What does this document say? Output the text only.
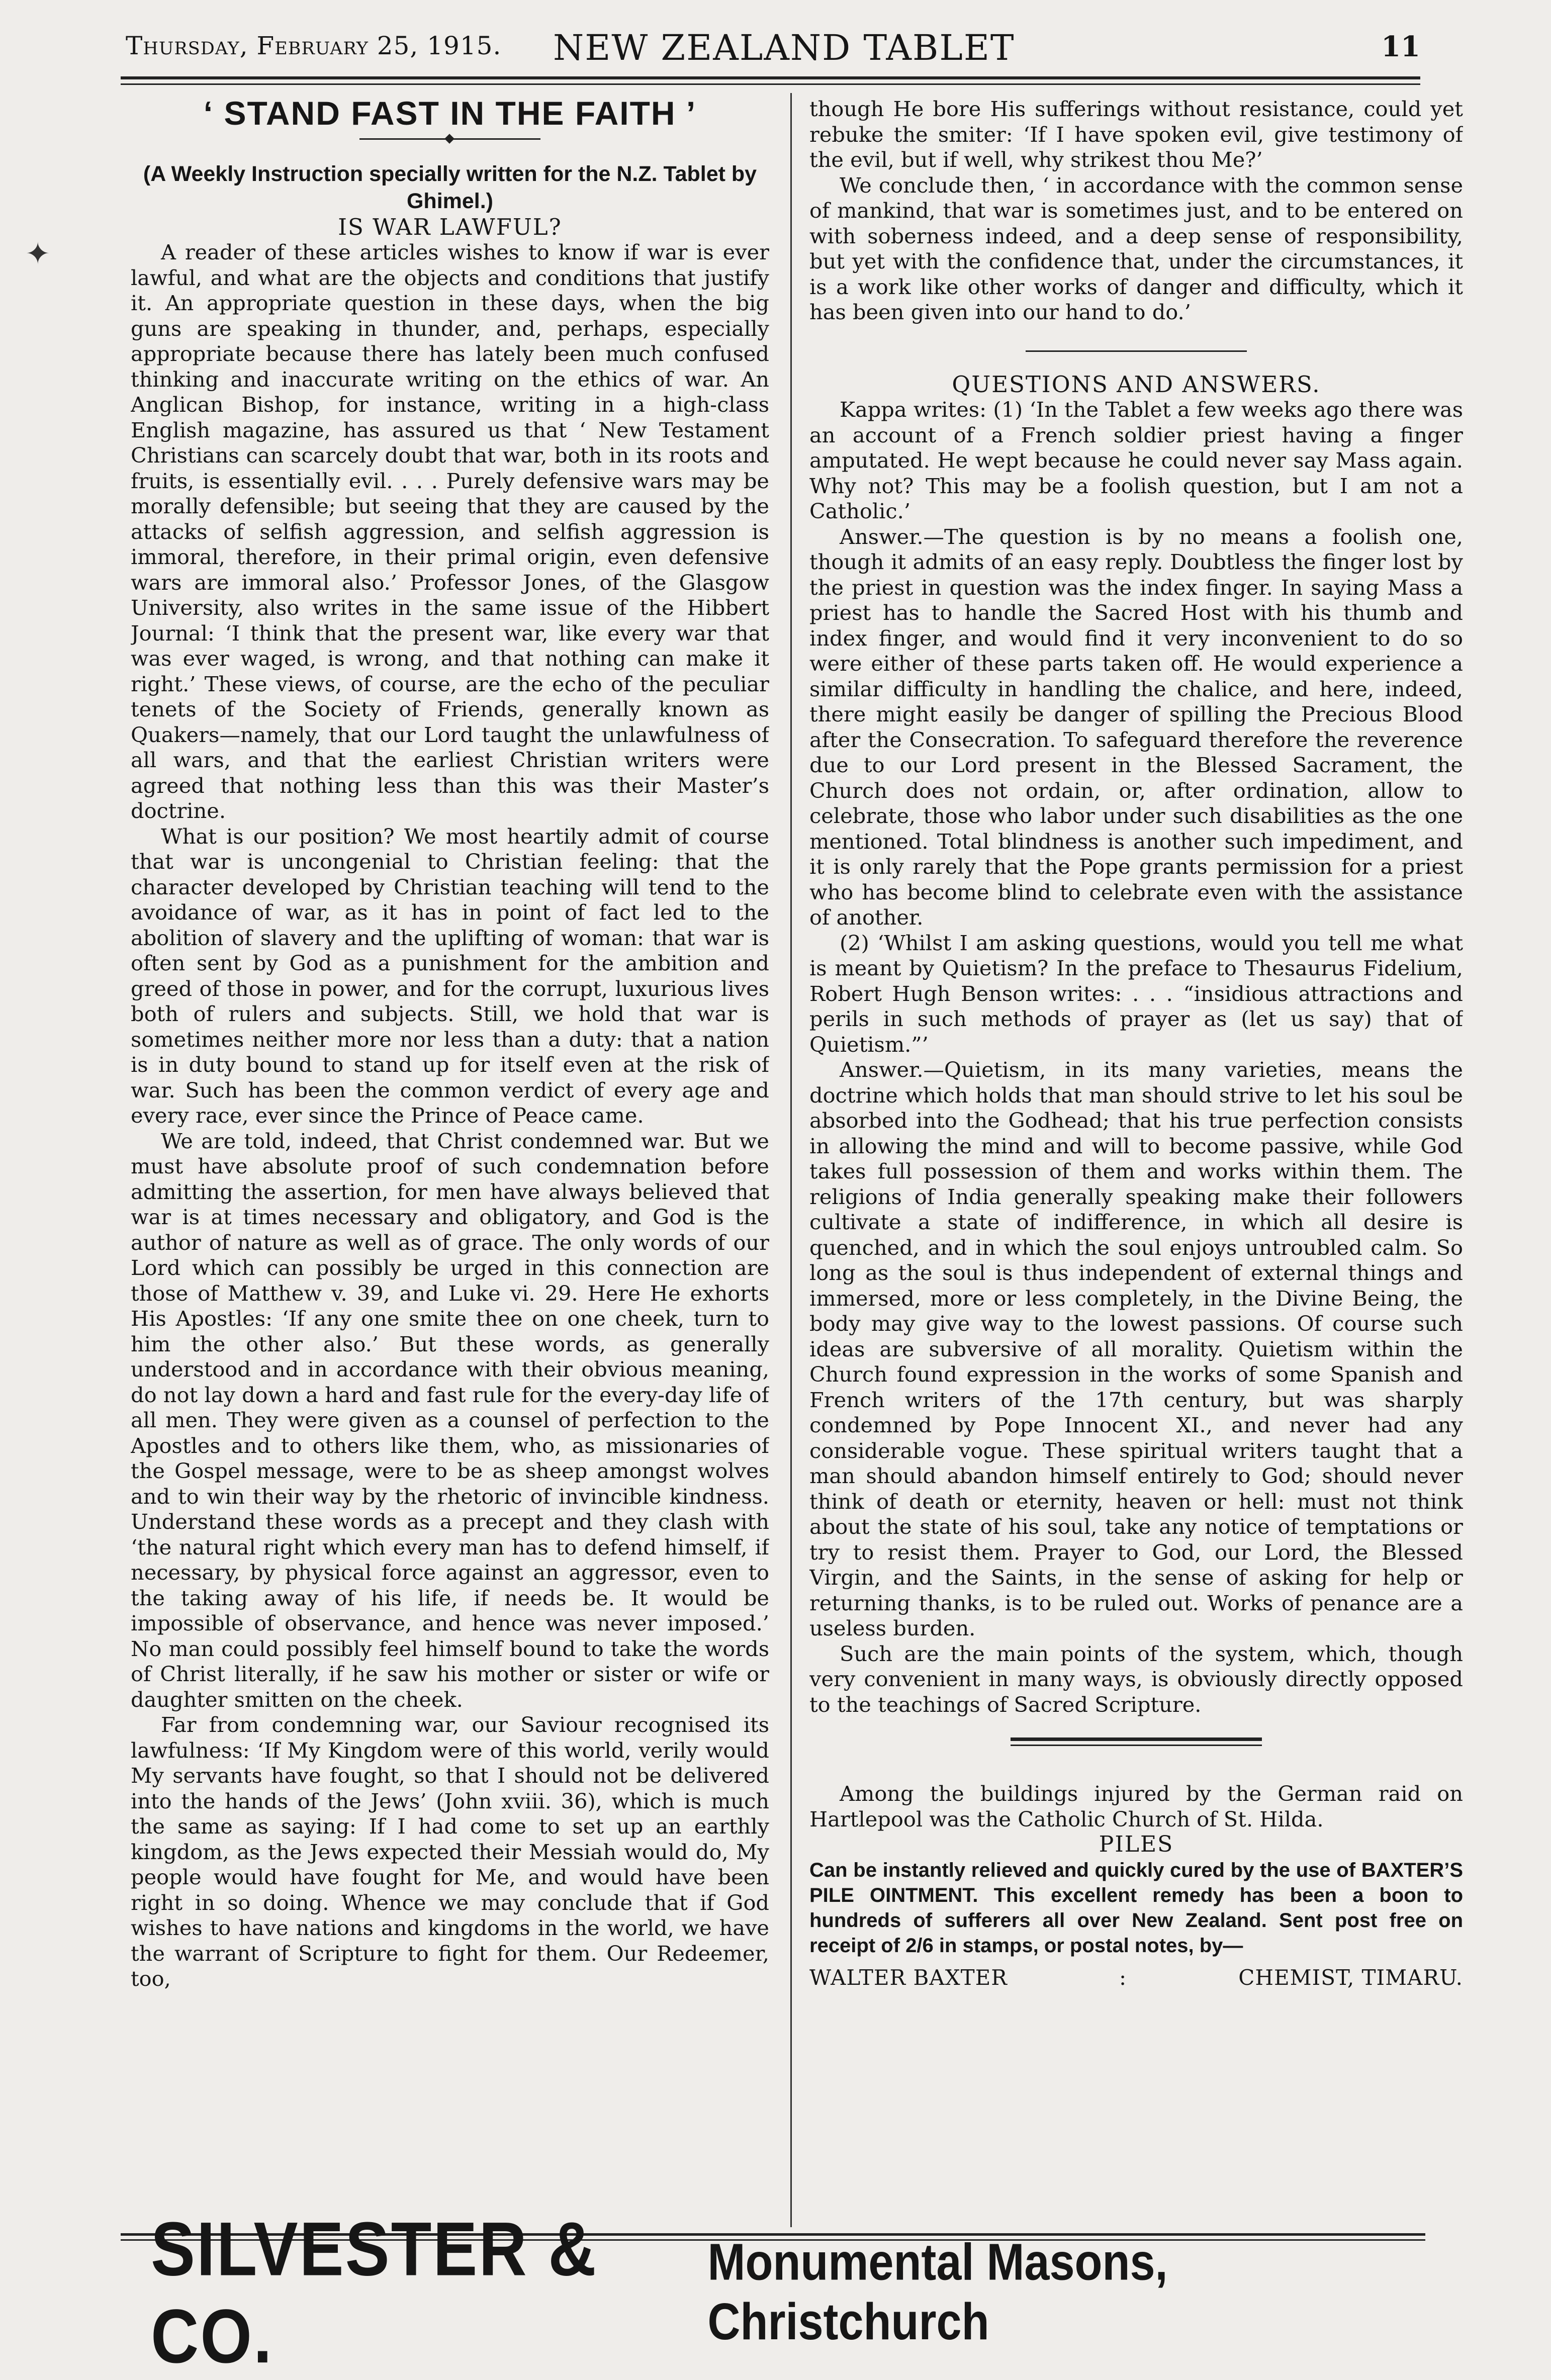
Thursday, February 25, 1915. NEW ZEALAND TABLET	11

‘ STAND FAST IN THE FAITH ’

(A Weekly Instruction specially written for the N.Z. Tablet by Ghimel.)

IS WAR LAWFUL?

A reader of these articles wishes to know if war is ever lawful, and what are the objects and conditions that justify it. An appropriate question in these days, when the big guns are speaking in thunder, and, perhaps, especially appropriate because there has lately been much confused thinking and inaccurate writing on the ethics of war. An Anglican Bishop, for instance, writing in a high-class English magazine, has assured us that ‘ New Testament Christians can scarcely doubt that war, both in its roots and fruits, is essentially evil. . . . Purely defensive wars may be morally defensible; but seeing that they are caused by the attacks of selfish aggression, and selfish aggression is immoral, therefore, in their primal origin, even defensive wars are immoral also.’ Professor Jones, of the Glasgow University, also writes in the same issue of the Hibbert Journal: ‘I think that the present war, like every war that was ever waged, is wrong, and that nothing can make it right.’ These views, of course, are the echo of the peculiar tenets of the Society of Friends, generally known as Quakers—namely, that our Lord taught the unlawfulness of all wars, and that the earliest Christian writers were agreed that nothing less than this was their Master’s doctrine.

What is our position? We most heartily admit of course that war is uncongenial to Christian feeling: that the character developed by Christian teaching will tend to the avoidance of war, as it has in point of fact led to the abolition of slavery and the uplifting of woman: that war is often sent by God as a punishment for the ambition and greed of those in power, and for the corrupt, luxurious lives both of rulers and subjects. Still, we hold that war is sometimes neither more nor less than a duty: that a nation is in duty bound to stand up for itself even at the risk of war. Such has been the common verdict of every age and every race, ever since the Prince of Peace came.

We are told, indeed, that Christ condemned war. But we must have absolute proof of such condemnation before admitting the assertion, for men have always believed that war is at times necessary and obligatory, and God is the author of nature as well as of grace. The only words of our Lord which can possibly be urged in this connection are those of Matthew v. 39, and Luke vi. 29. Here He exhorts His Apostles: ‘If any one smite thee on one cheek, turn to him the other also.’ But these words, as generally understood and in accordance with their obvious meaning, do not lay down a hard and fast rule for the every-day life of all men. They were given as a counsel of perfection to the Apostles and to others like them, who, as missionaries of the Gospel message, were to be as sheep amongst wolves and to win their way by the rhetoric of invincible kindness. Understand these words as a precept and they clash with ‘the natural right which every man has to defend himself, if necessary, by physical force against an aggressor, even to the taking away of his life, if needs be. It would be impossible of observance, and hence was never imposed.’ No man could possibly feel himself bound to take the words of Christ literally, if he saw his mother or sister or wife or daughter smitten on the cheek.

Far from condemning war, our Saviour recognised its lawfulness: ‘If My Kingdom were of this world, verily would My servants have fought, so that I should not be delivered into the hands of the Jews’ (John xviii. 36), which is much the same as saying: If I had come to set up an earthly kingdom, as the Jews expected their Messiah would do, My people would have fought for Me, and would have been right in so doing. Whence we may conclude that if God wishes to have nations and kingdoms in the world, we have the warrant of Scripture to fight for them. Our Redeemer, too,

though He bore His sufferings without resistance, could yet rebuke the smiter: ‘If I have spoken evil, give testimony of the evil, but if well, why strikest thou Me?’

We conclude then, ‘ in accordance with the common sense of mankind, that war is sometimes just, and to be entered on with soberness indeed, and a deep sense of responsibility, but yet with the confidence that, under the circumstances, it is a work like other works of danger and difficulty, which it has been given into our hand to do.’

QUESTIONS AND ANSWERS.

Kappa writes: (1) ‘In the Tablet a few weeks ago there was an account of a French soldier priest having a finger amputated. He wept because he could never say Mass again. Why not? This may be a foolish question, but I am not a Catholic.’

Answer.—The question is by no means a foolish one, though it admits of an easy reply. Doubtless the finger lost by the priest in question was the index finger. In saying Mass a priest has to handle the Sacred Host with his thumb and index finger, and would find it very inconvenient to do so were either of these parts taken off. He would experience a similar difficulty in handling the chalice, and here, indeed, there might easily be danger of spilling the Precious Blood after the Consecration. To safeguard therefore the reverence due to our Lord present in the Blessed Sacrament, the Church does not ordain, or, after ordination, allow to celebrate, those who labor under such disabilities as the one mentioned. Total blindness is another such impediment, and it is only rarely that the Pope grants permission for a priest who has become blind to celebrate even with the assistance of another.

(2) ‘Whilst I am asking questions, would you tell me what is meant by Quietism? In the preface to Thesaurus Fidelium, Robert Hugh Benson writes: . . . “insidious attractions and perils in such methods of prayer as (let us say) that of Quietism.”’

Answer.—Quietism, in its many varieties, means the doctrine which holds that man should strive to let his soul be absorbed into the Godhead; that his true perfection consists in allowing the mind and will to become passive, while God takes full possession of them and works within them. The religions of India generally speaking make their followers cultivate a state of indifference, in which all desire is quenched, and in which the soul enjoys untroubled calm. So long as the soul is thus independent of external things and immersed, more or less completely, in the Divine Being, the body may give way to the lowest passions. Of course such ideas are subversive of all morality. Quietism within the Church found expression in the works of some Spanish and French writers of the 17th century, but was sharply condemned by Pope Innocent XI., and never had any considerable vogue. These spiritual writers taught that a man should abandon himself entirely to God; should never think of death or eternity, heaven or hell: must not think about the state of his soul, take any notice of temptations or try to resist them. Prayer to God, our Lord, the Blessed Virgin, and the Saints, in the sense of asking for help or returning thanks, is to be ruled out. Works of penance are a useless burden.

Such are the main points of the system, which, though very convenient in many ways, is obviously directly opposed to the teachings of Sacred Scripture.

Among the buildings injured by the German raid on Hartlepool was the Catholic Church of St. Hilda.

PILES

Can be instantly relieved and quickly cured by the use of BAXTER’S PILE OINTMENT. This excellent remedy has been a boon to hundreds of sufferers all over New Zealand. Sent post free on receipt of 2/6 in stamps, or postal notes, by—

WALTER BAXTER	:	CHEMIST, TIMARU.
SILVESTER & CO.
Monumental Masons, Christchurch
✦
